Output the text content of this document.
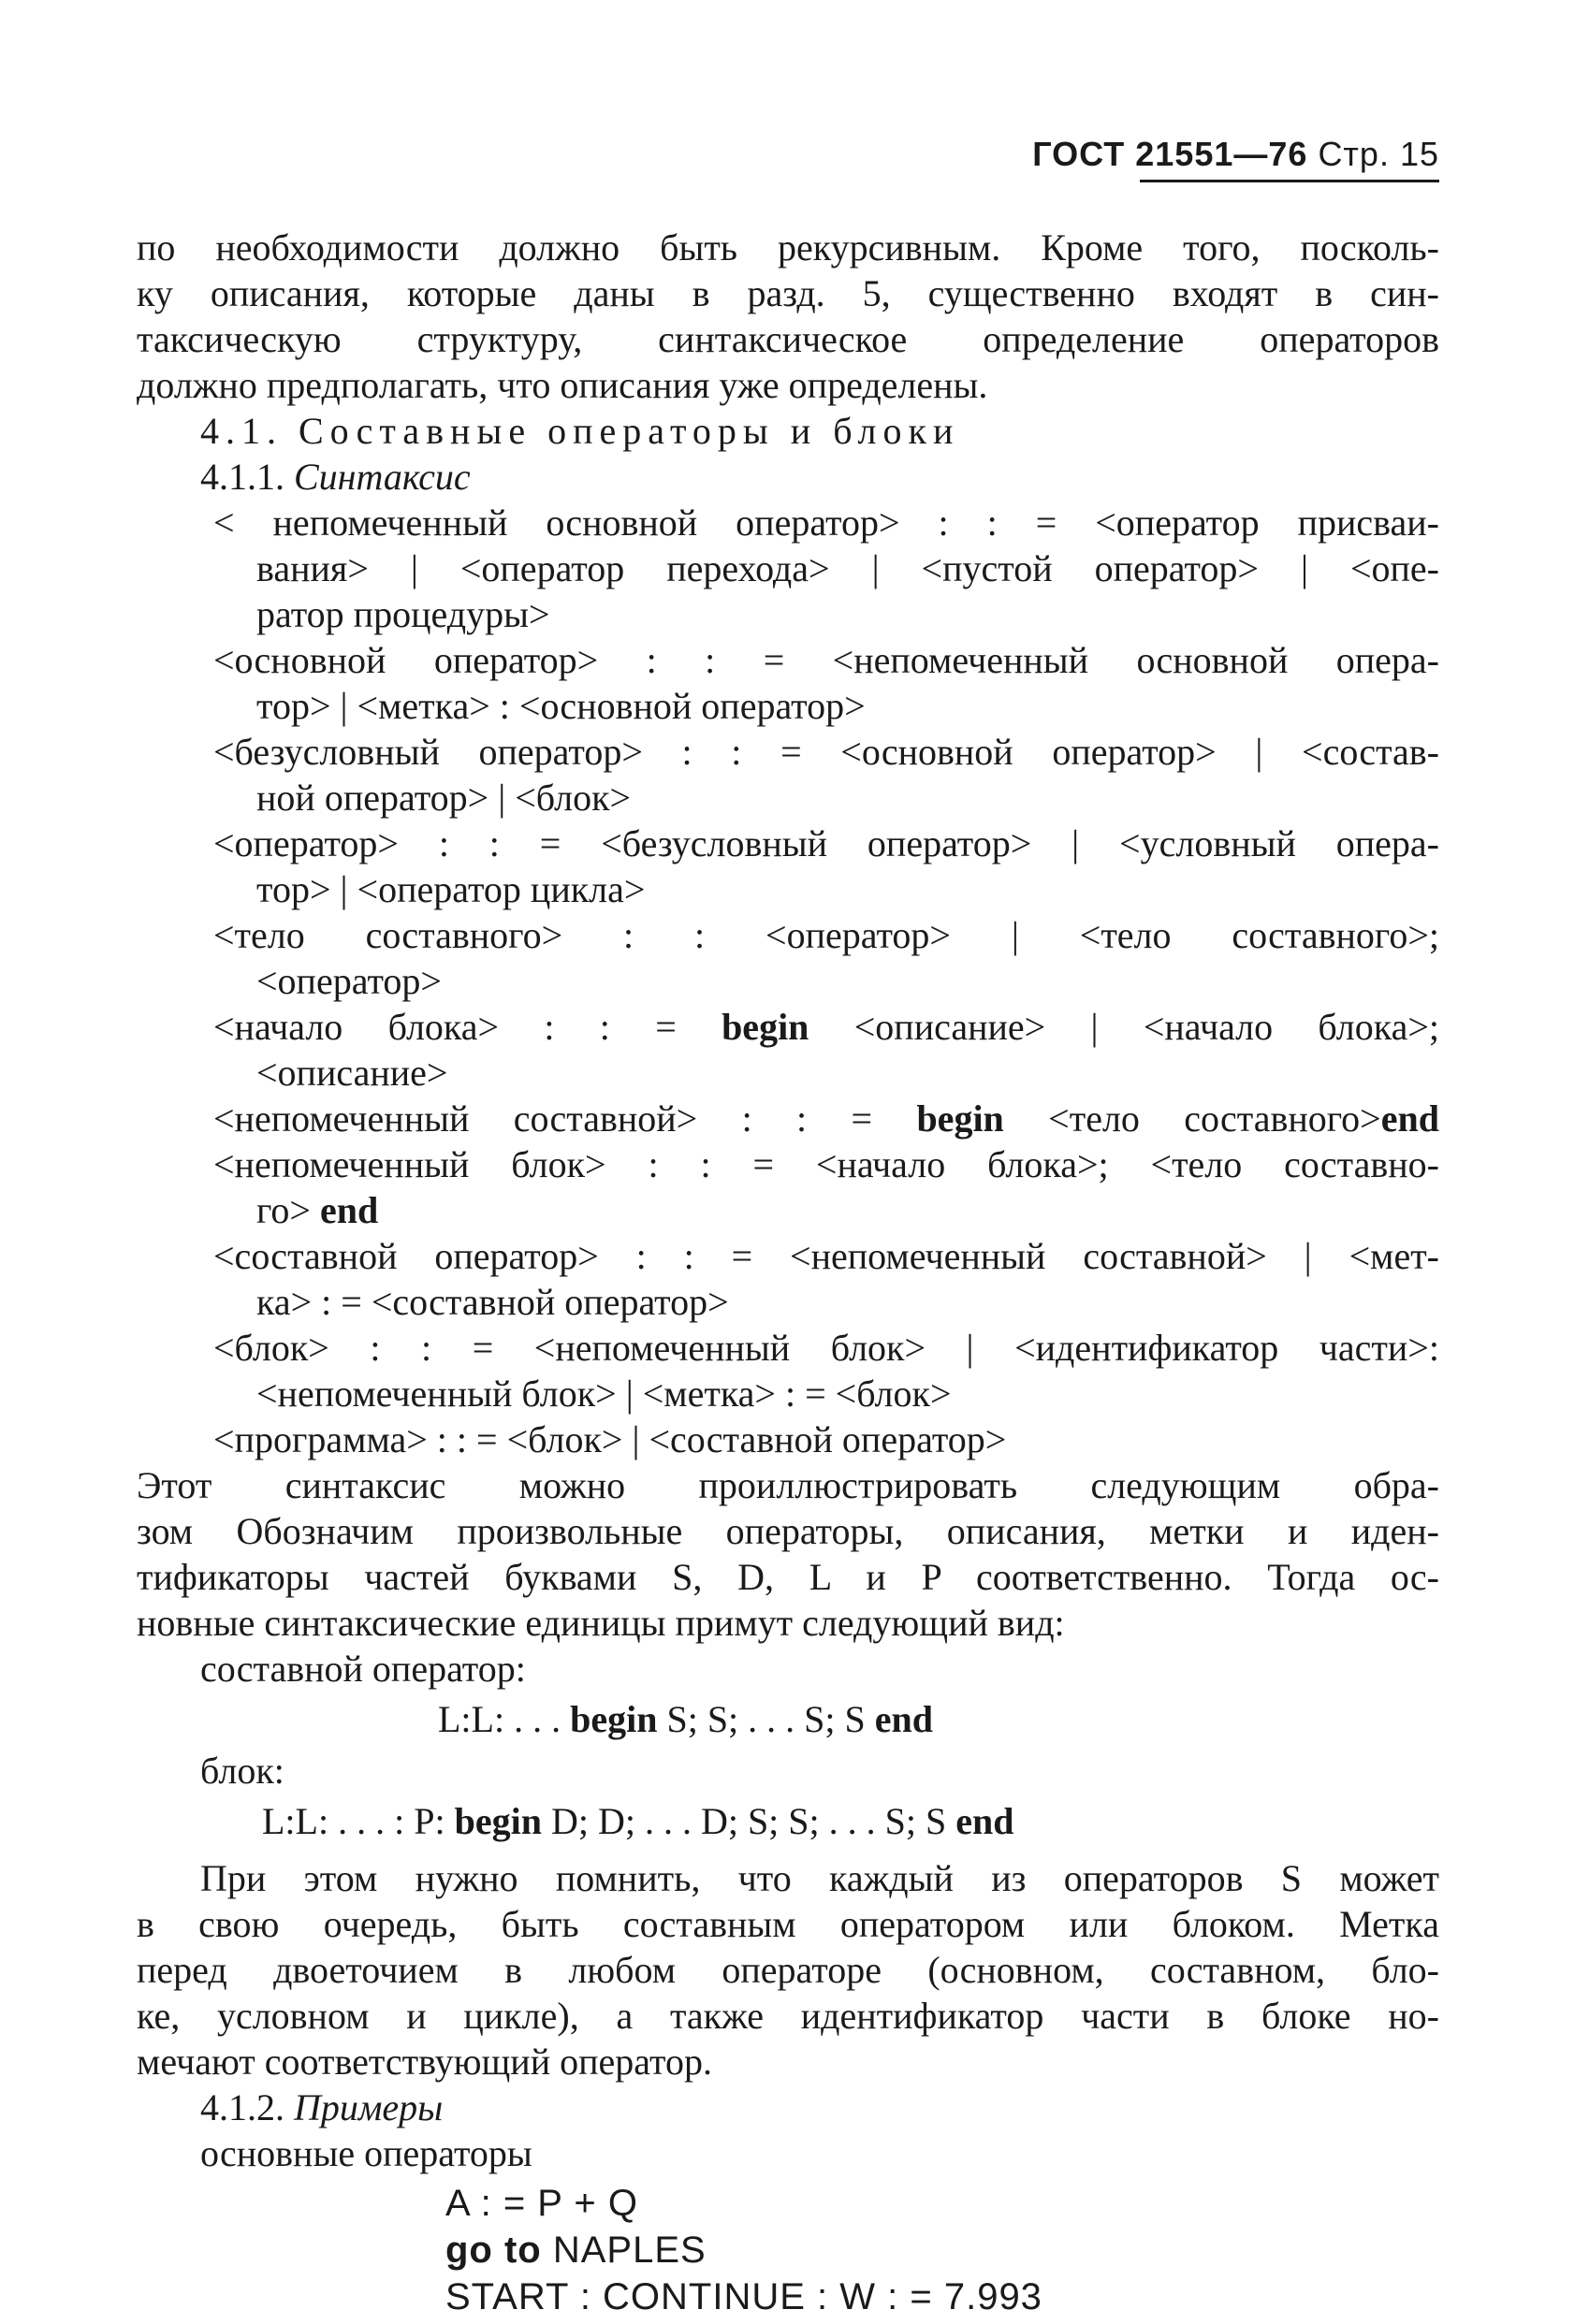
ГОСТ 21551—76 Стр. 15
по необходимости должно быть рекурсивным. Кроме того, посколь-
ку описания, которые даны в разд. 5, существенно входят в син-
таксическую структуру, синтаксическое определение операторов
должно предполагать, что описания уже определены.
4.1. Составные операторы и блоки
4.1.1. Синтаксис
< непомеченный основной оператор> : : = <оператор присваи-
вания> | <оператор перехода> | <пустой оператор> | <опе-
ратор процедуры>
<основной оператор> : : = <непомеченный основной опера-
тор> | <метка> : <основной оператор>
<безусловный оператор> : : = <основной оператор> | <состав-
ной оператор> | <блок>
<оператор> : : = <безусловный оператор> | <условный опера-
тор> | <оператор цикла>
<тело составного> : : <оператор> | <тело составного>;
<оператор>
<начало блока> : : = begin <описание> | <начало блока>;
<описание>
<непомеченный составной> : : = begin <тело составного>end
<непомеченный блок> : : = <начало блока>; <тело составно-
го> end
<составной оператор> : : = <непомеченный составной> | <мет-
ка> : = <составной оператор>
<блок> : : = <непомеченный блок> | <идентификатор части>:
<непомеченный блок> | <метка> : = <блок>
<программа> : : = <блок> | <составной оператор>
Этот синтаксис можно проиллюстрировать следующим обра-
зом Обозначим произвольные операторы, описания, метки и иден-
тификаторы частей буквами S, D, L и P соответственно. Тогда ос-
новные синтаксические единицы примут следующий вид:
составной оператор:
L:L: . . . begin S; S; . . . S; S end
блок:
L:L: . . . : P: begin D; D; . . . D; S; S; . . . S; S end
При этом нужно помнить, что каждый из операторов S может
в свою очередь, быть составным оператором или блоком. Метка
перед двоеточием в любом операторе (основном, составном, бло-
ке, условном и цикле), а также идентификатор части в блоке но-
мечают соответствующий оператор.
4.1.2. Примеры
основные операторы
A : = P + Q
go to NAPLES
START : CONTINUE : W : = 7.993
